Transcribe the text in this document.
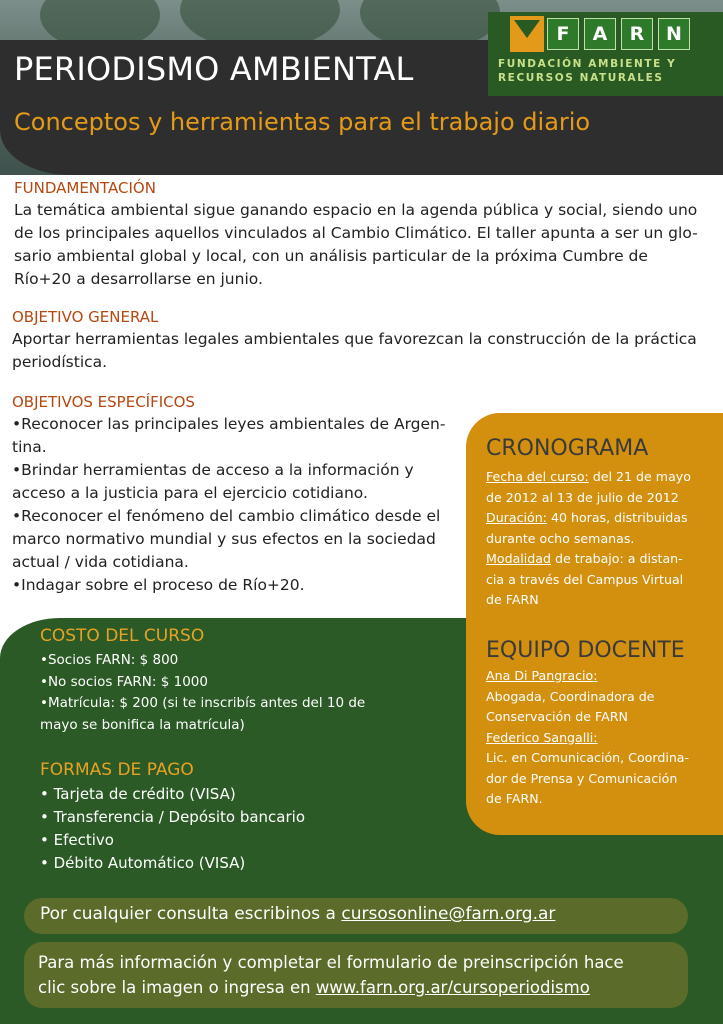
F	A	R	N
FUNDACIÓN AMBIENTE Y
RECURSOS NATURALES
PERIODISMO AMBIENTAL
Conceptos y herramientas para el trabajo diario
FUNDAMENTACIÓN
La temática ambiental sigue ganando espacio en la agenda pública y social, siendo uno
de los principales aquellos vinculados al Cambio Climático. El taller apunta a ser un glo-
sario ambiental global y local, con un análisis particular de la próxima Cumbre de
Río+20 a desarrollarse en junio.
OBJETIVO GENERAL
Aportar herramientas legales ambientales que favorezcan la construcción de la práctica
periodística.
OBJETIVOS ESPECÍFICOS
•Reconocer las principales leyes ambientales de Argen-
tina.
•Brindar herramientas de acceso a la información y
acceso a la justicia para el ejercicio cotidiano.
•Reconocer el fenómeno del cambio climático desde el
marco normativo mundial y sus efectos en la sociedad
actual / vida cotidiana.
•Indagar sobre el proceso de Río+20.
COSTO DEL CURSO
•Socios FARN: $ 800
•No socios FARN: $ 1000
•Matrícula: $ 200 (si te inscribís antes del 10 de
mayo se bonifica la matrícula)
FORMAS DE PAGO
• Tarjeta de crédito (VISA)
• Transferencia / Depósito bancario
• Efectivo
• Débito Automático (VISA)
CRONOGRAMA
Fecha del curso: del 21 de mayo
de 2012 al 13 de julio de 2012
Duración: 40 horas, distribuidas
durante ocho semanas.
Modalidad de trabajo: a distan-
cia a través del Campus Virtual
de FARN
EQUIPO DOCENTE
Ana Di Pangracio:
Abogada, Coordinadora de
Conservación de FARN
Federico Sangalli:
Lic. en Comunicación, Coordina-
dor de Prensa y Comunicación
de FARN.
Por cualquier consulta escribinos a cursosonline@farn.org.ar
Para más información y completar el formulario de preinscripción hace
clic sobre la imagen o ingresa en www.farn.org.ar/cursoperiodismo
